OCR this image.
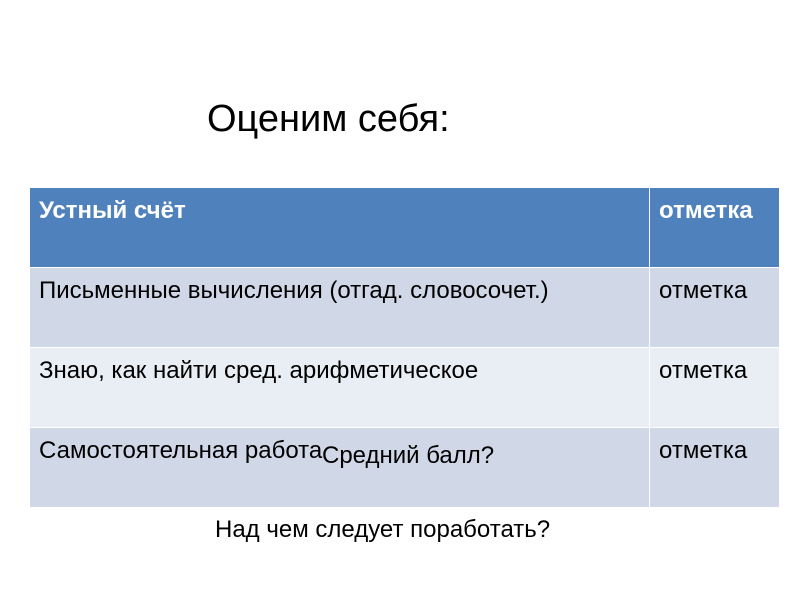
Оценим себя:
Устный счёт	отметка
Письменные вычисления (отгад. словосочет.)	отметка
Знаю, как найти сред. арифметическое	отметка
Самостоятельная работа	отметка
Средний балл?
Над чем следует поработать?
